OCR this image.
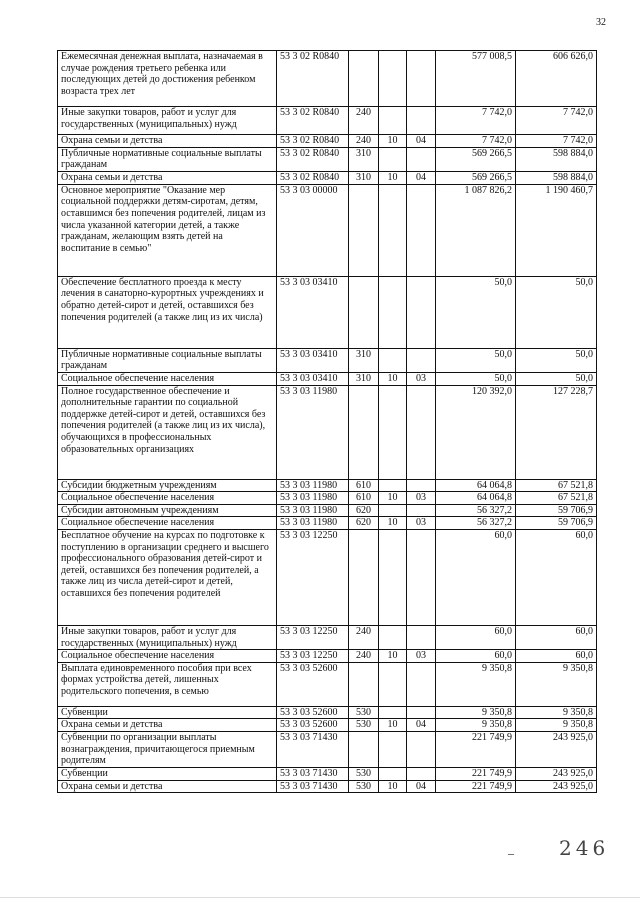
32
Ежемесячная денежная выплата, назначаемая в случае рождения третьего ребенка или последующих детей до достижения ребенком возраста трех лет	53 3 02 R0840				577 008,5	606 626,0
Иные закупки товаров, работ и услуг для государственных (муниципальных) нужд	53 3 02 R0840	240			7 742,0	7 742,0
Охрана семьи и детства	53 3 02 R0840	240	10	04	7 742,0	7 742,0
Публичные нормативные социальные выплаты гражданам	53 3 02 R0840	310			569 266,5	598 884,0
Охрана семьи и детства	53 3 02 R0840	310	10	04	569 266,5	598 884,0
Основное мероприятие "Оказание мер социальной поддержки детям-сиротам, детям, оставшимся без попечения родителей, лицам из числа указанной категории детей, а также гражданам, желающим взять детей на воспитание в семью"	53 3 03 00000				1 087 826,2	1 190 460,7
Обеспечение бесплатного проезда к месту лечения в санаторно-курортных учреждениях и обратно детей-сирот и детей, оставшихся без попечения родителей (а также лиц из их числа)	53 3 03 03410				50,0	50,0
Публичные нормативные социальные выплаты гражданам	53 3 03 03410	310			50,0	50,0
Социальное обеспечение населения	53 3 03 03410	310	10	03	50,0	50,0
Полное государственное обеспечение и дополнительные гарантии по социальной поддержке детей-сирот и детей, оставшихся без попечения родителей (а также лиц из их числа), обучающихся в профессиональных образовательных организациях	53 3 03 11980				120 392,0	127 228,7
Субсидии бюджетным учреждениям	53 3 03 11980	610			64 064,8	67 521,8
Социальное обеспечение населения	53 3 03 11980	610	10	03	64 064,8	67 521,8
Субсидии автономным учреждениям	53 3 03 11980	620			56 327,2	59 706,9
Социальное обеспечение населения	53 3 03 11980	620	10	03	56 327,2	59 706,9
Бесплатное обучение на курсах по подготовке к поступлению в организации среднего и высшего профессионального образования детей-сирот и детей, оставшихся без попечения родителей, а также лиц из числа детей-сирот и детей, оставшихся без попечения родителей	53 3 03 12250				60,0	60,0
Иные закупки товаров, работ и услуг для государственных (муниципальных) нужд	53 3 03 12250	240			60,0	60,0
Социальное обеспечение населения	53 3 03 12250	240	10	03	60,0	60,0
Выплата единовременного пособия при всех формах устройства детей, лишенных родительского попечения, в семью	53 3 03 52600				9 350,8	9 350,8
Субвенции	53 3 03 52600	530			9 350,8	9 350,8
Охрана семьи и детства	53 3 03 52600	530	10	04	9 350,8	9 350,8
Субвенции по организации выплаты вознаграждения, причитающегося приемным родителям	53 3 03 71430				221 749,9	243 925,0
Субвенции	53 3 03 71430	530			221 749,9	243 925,0
Охрана семьи и детства	53 3 03 71430	530	10	04	221 749,9	243 925,0
– 246
